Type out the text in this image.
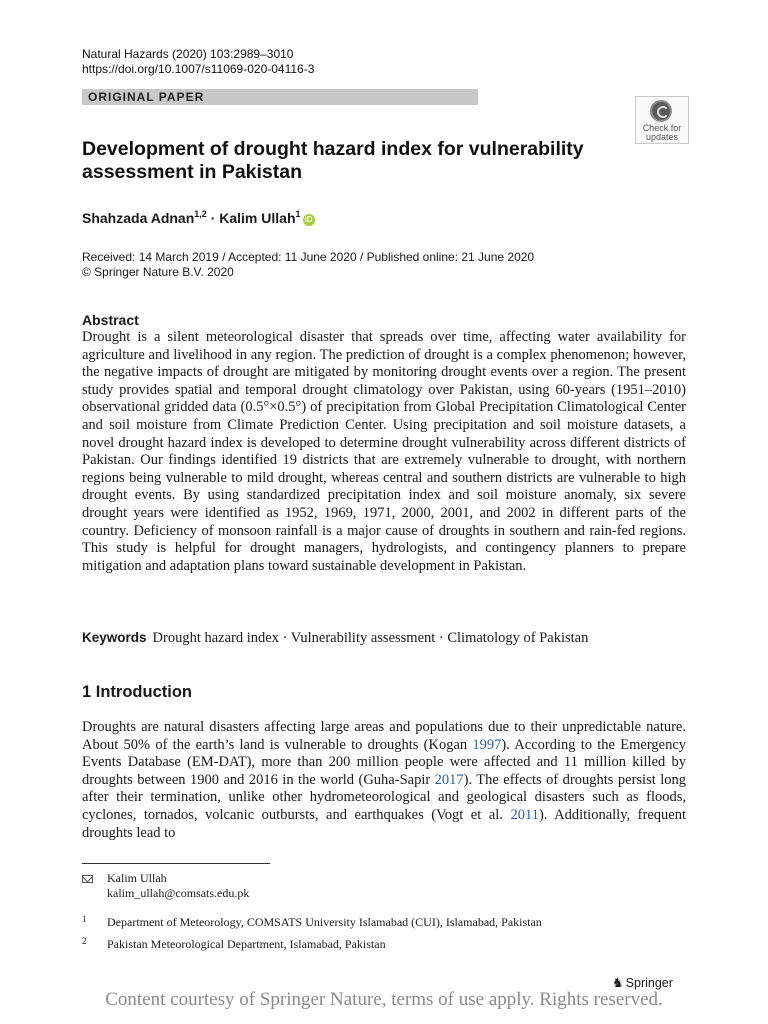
Natural Hazards (2020) 103:2989–3010
https://doi.org/10.1007/s11069-020-04116-3
ORIGINAL PAPER
Check for
updates
Development of drought hazard index for vulnerability assessment in Pakistan
Shahzada Adnan$^{1,2}$ · Kalim Ullah$^1$iD
Received: 14 March 2019 / Accepted: 11 June 2020 / Published online: 21 June 2020
© Springer Nature B.V. 2020
Abstract

Drought is a silent meteorological disaster that spreads over time, affecting water availability for agriculture and livelihood in any region. The prediction of drought is a complex phenomenon; however, the negative impacts of drought are mitigated by monitoring drought events over a region. The present study provides spatial and temporal drought climatology over Pakistan, using 60-years (1951–2010) observational gridded data (0.5°×0.5°) of precipitation from Global Precipitation Climatological Center and soil moisture from Climate Prediction Center. Using precipitation and soil moisture datasets, a novel drought hazard index is developed to determine drought vulnerability across different districts of Pakistan. Our findings identified 19 districts that are extremely vulnerable to drought, with northern regions being vulnerable to mild drought, whereas central and southern districts are vulnerable to high drought events. By using standardized precipitation index and soil moisture anomaly, six severe drought years were identified as 1952, 1969, 1971, 2000, 2001, and 2002 in different parts of the country. Deficiency of monsoon rainfall is a major cause of droughts in southern and rain-fed regions. This study is helpful for drought managers, hydrologists, and contingency planners to prepare mitigation and adaptation plans toward sustainable development in Pakistan.

Keywords Drought hazard index · Vulnerability assessment · Climatology of Pakistan
1 Introduction

Droughts are natural disasters affecting large areas and populations due to their unpredictable nature. About 50% of the earth’s land is vulnerable to droughts (Kogan 1997). According to the Emergency Events Database (EM-DAT), more than 200 million people were affected and 11 million killed by droughts between 1900 and 2016 in the world (Guha-Sapir 2017). The effects of droughts persist long after their termination, unlike other hydrometeorological and geological disasters such as floods, cyclones, tornados, volcanic outbursts, and earthquakes (Vogt et al. 2011). Additionally, frequent droughts lead to

Kalim Ullah
kalim_ullah@comsats.edu.pk
1 Department of Meteorology, COMSATS University Islamabad (CUI), Islamabad, Pakistan
2 Pakistan Meteorological Department, Islamabad, Pakistan
♞ Springer
Content courtesy of Springer Nature, terms of use apply. Rights reserved.
